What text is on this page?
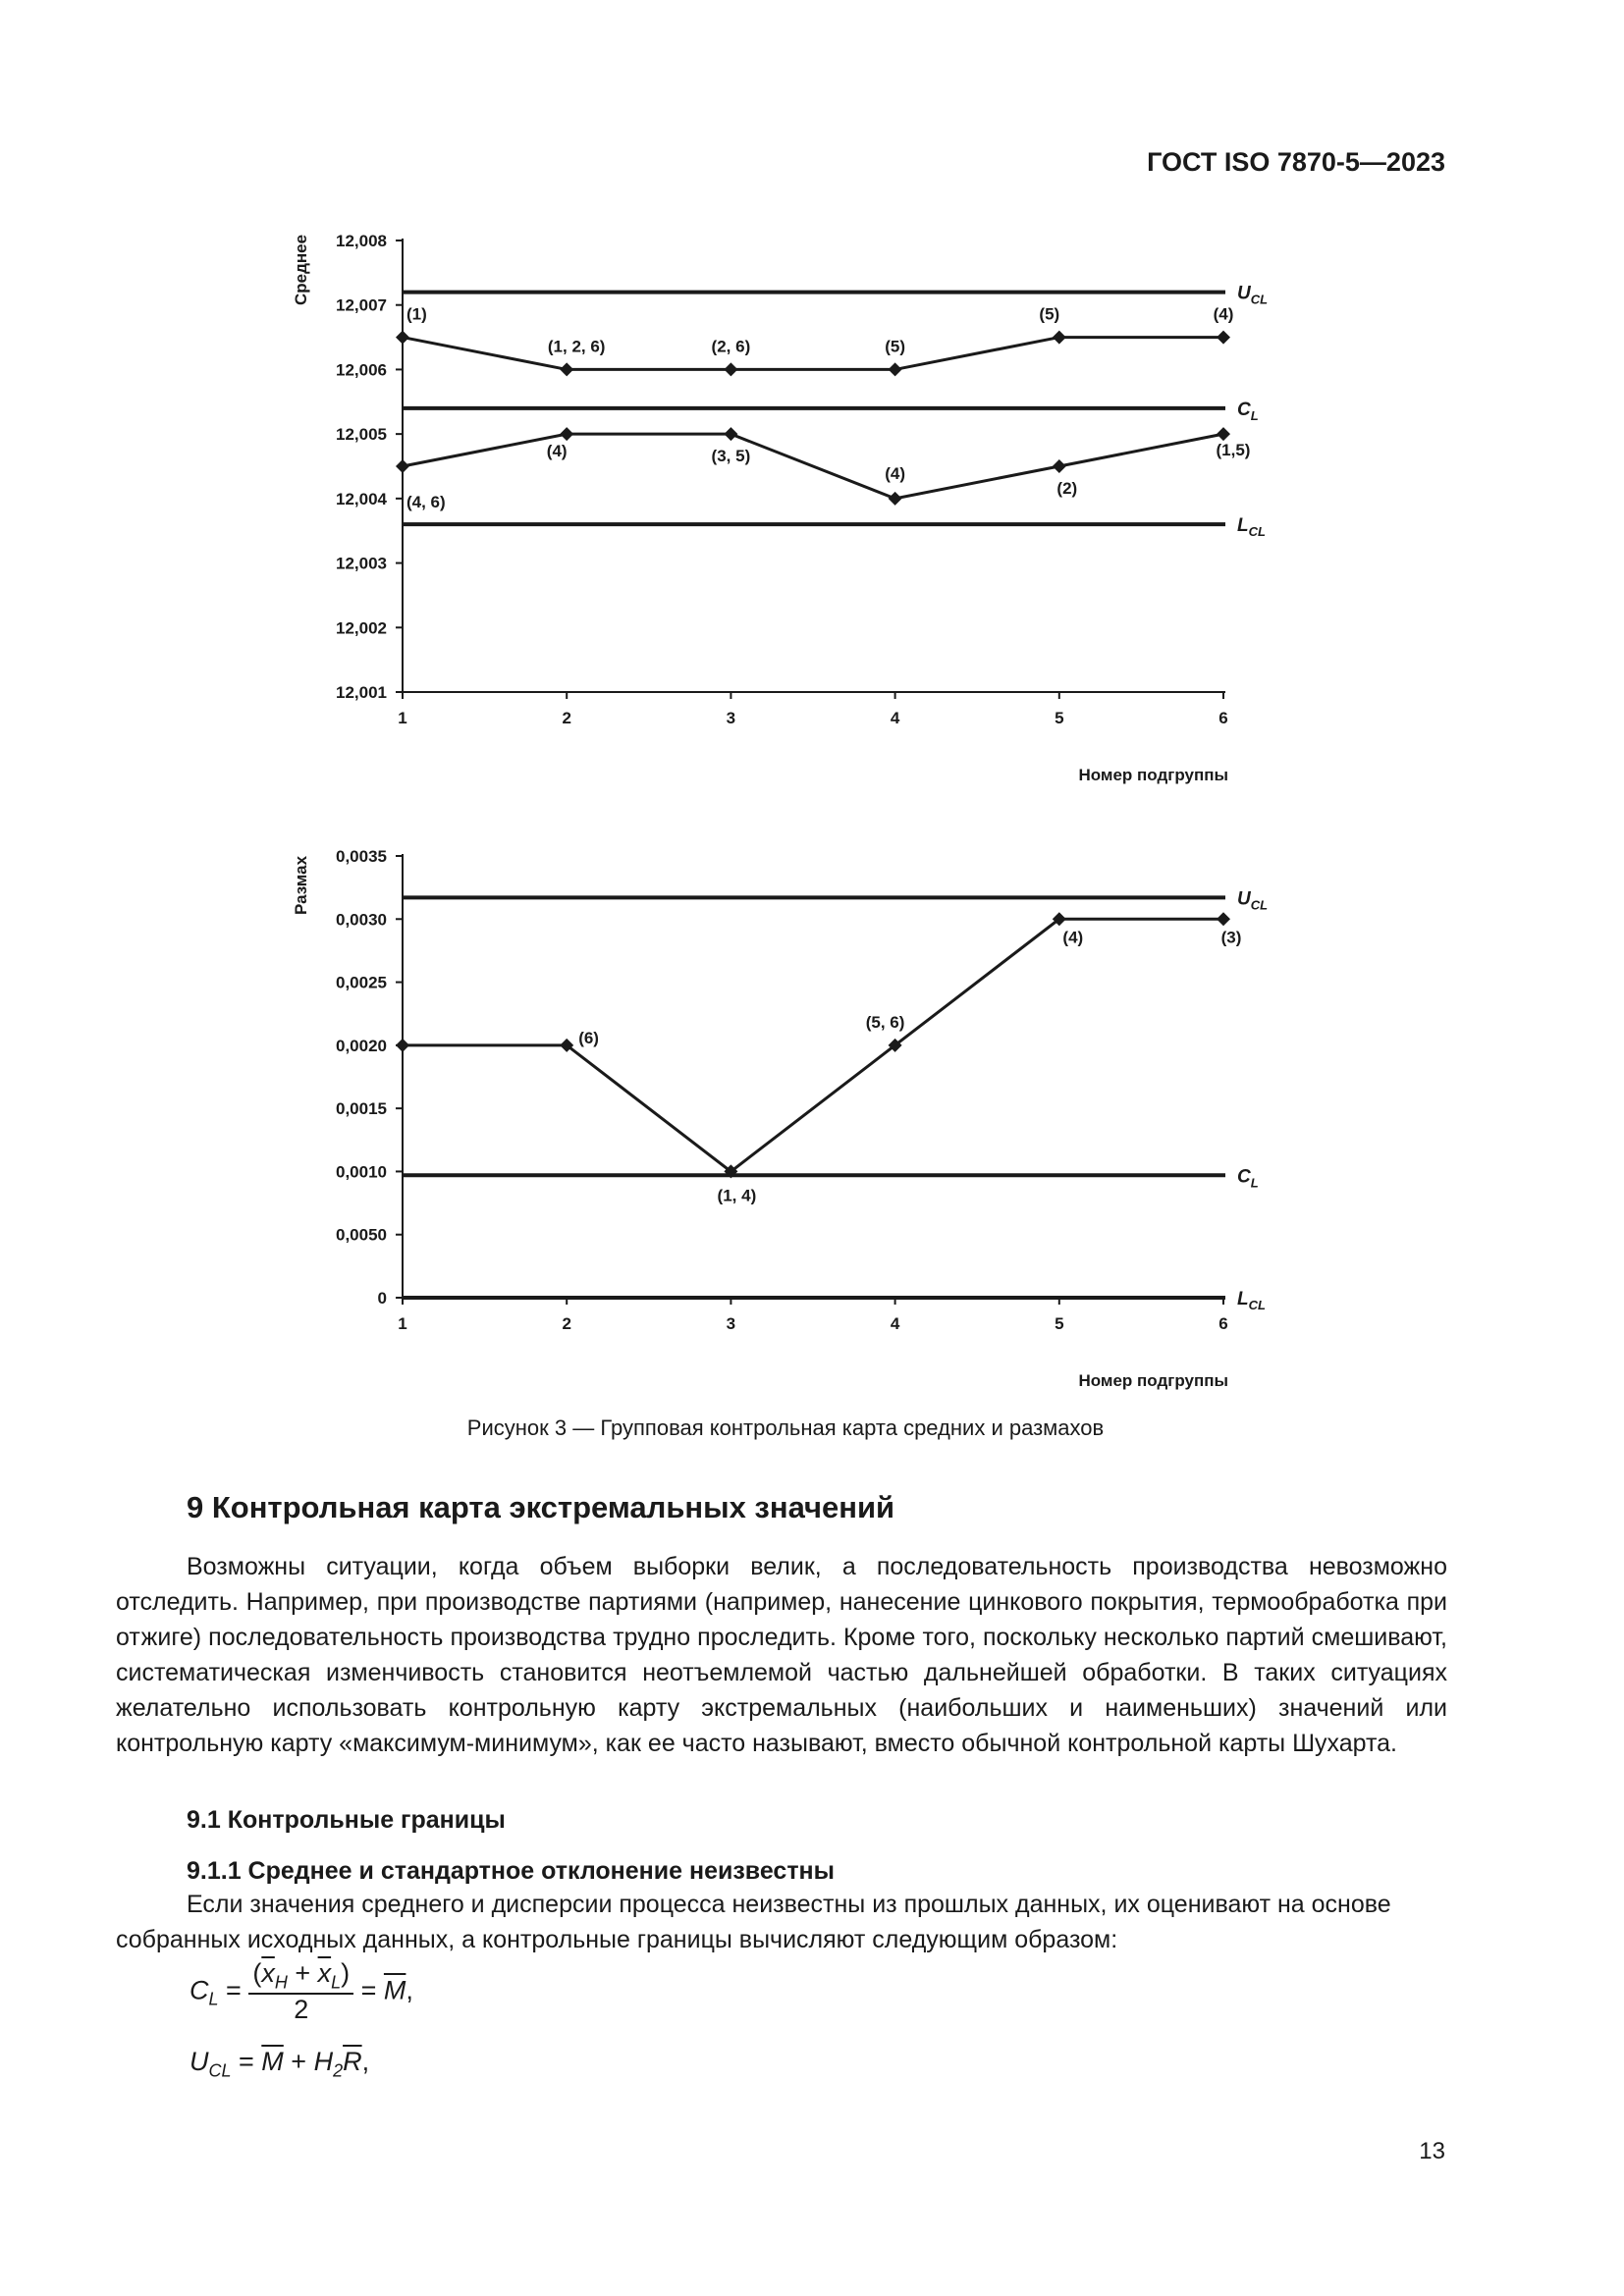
ГОСТ ISO 7870-5—2023
12,001
12,002
12,003
12,004
12,005
12,006
12,007
12,008
1	2	3	4	5	6
Среднее
Номер подгруппы
$U_{CL}$
$C_L$
$L_{CL}$
(1)
(1, 2, 6)	(2, 6)	(5)
(5)	(4)
(4, 6)
(4)	(3, 5)
(4)
(2)
(1,5)
0
0,0050
0,0010
0,0015
0,0020
0,0025
0,0030
0,0035
1	2	3	4	5	6
Размах
Номер подгруппы
$U_{CL}$
$C_L$
$L_{CL}$
(6)
(1, 4)
(5, 6)
(4)	(3)
Рисунок 3 — Групповая контрольная карта средних и размахов
9 Контрольная карта экстремальных значений

Возможны ситуации, когда объем выборки велик, а последовательность производства невозможно отследить. Например, при производстве партиями (например, нанесение цинкового покрытия, термообработка при отжиге) последовательность производства трудно проследить. Кроме того, поскольку несколько партий смешивают, систематическая изменчивость становится неотъемлемой частью дальнейшей обработки. В таких ситуациях желательно использовать контрольную карту экстремальных (наибольших и наименьших) значений или контрольную карту «максимум-минимум», как ее часто называют, вместо обычной контрольной карты Шухарта.

9.1 Контрольные границы
9.1.1 Среднее и стандартное отклонение неизвестны

Если значения среднего и дисперсии процесса неизвестны из прошлых данных, их оценивают на основе собранных исходных данных, а контрольные границы вычисляют следующим образом:

$C_L = \frac{(\overline{x}_H + \overline{x}_L)}{2} = \overline{M}$,
$U_{CL} = \overline{M} + H_2\overline{R}$,
13
